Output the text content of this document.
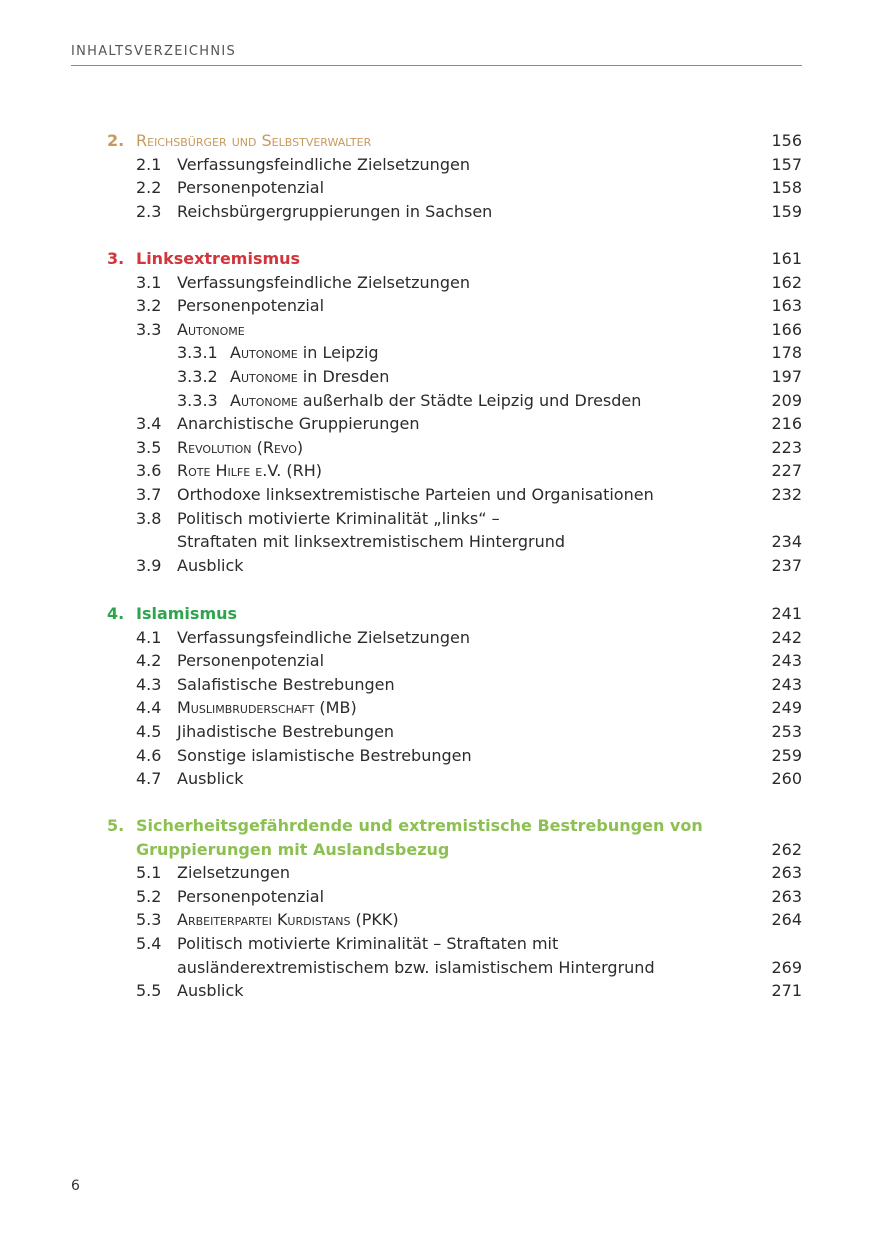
INHALTSVERZEICHNIS
2. Reichsbürger und Selbstverwalter	156
2.1 Verfassungsfeindliche Zielsetzungen	157
2.2 Personenpotenzial	158
2.3 Reichsbürgergruppierungen in Sachsen	159
3. Linksextremismus	161
3.1 Verfassungsfeindliche Zielsetzungen	162
3.2 Personenpotenzial	163
3.3 Autonome	166
3.3.1 Autonome in Leipzig	178
3.3.2 Autonome in Dresden	197
3.3.3 Autonome außerhalb der Städte Leipzig und Dresden	209
3.4 Anarchistische Gruppierungen	216
3.5 Revolution (Revo)	223
3.6 Rote Hilfe e.V. (RH)	227
3.7 Orthodoxe linksextremistische Parteien und Organisationen	232
3.8 Politisch motivierte Kriminalität „links“ –
Straftaten mit linksextremistischem Hintergrund	234
3.9 Ausblick	237
4. Islamismus	241
4.1 Verfassungsfeindliche Zielsetzungen	242
4.2 Personenpotenzial	243
4.3 Salafistische Bestrebungen	243
4.4 Muslimbruderschaft (MB)	249
4.5 Jihadistische Bestrebungen	253
4.6 Sonstige islamistische Bestrebungen	259
4.7 Ausblick	260
5. Sicherheitsgefährdende und extremistische Bestrebungen von
Gruppierungen mit Auslandsbezug	262
5.1 Zielsetzungen	263
5.2 Personenpotenzial	263
5.3 Arbeiterpartei Kurdistans (PKK)	264
5.4 Politisch motivierte Kriminalität – Straftaten mit
ausländerextremistischem bzw. islamistischem Hintergrund	269
5.5 Ausblick	271
6
